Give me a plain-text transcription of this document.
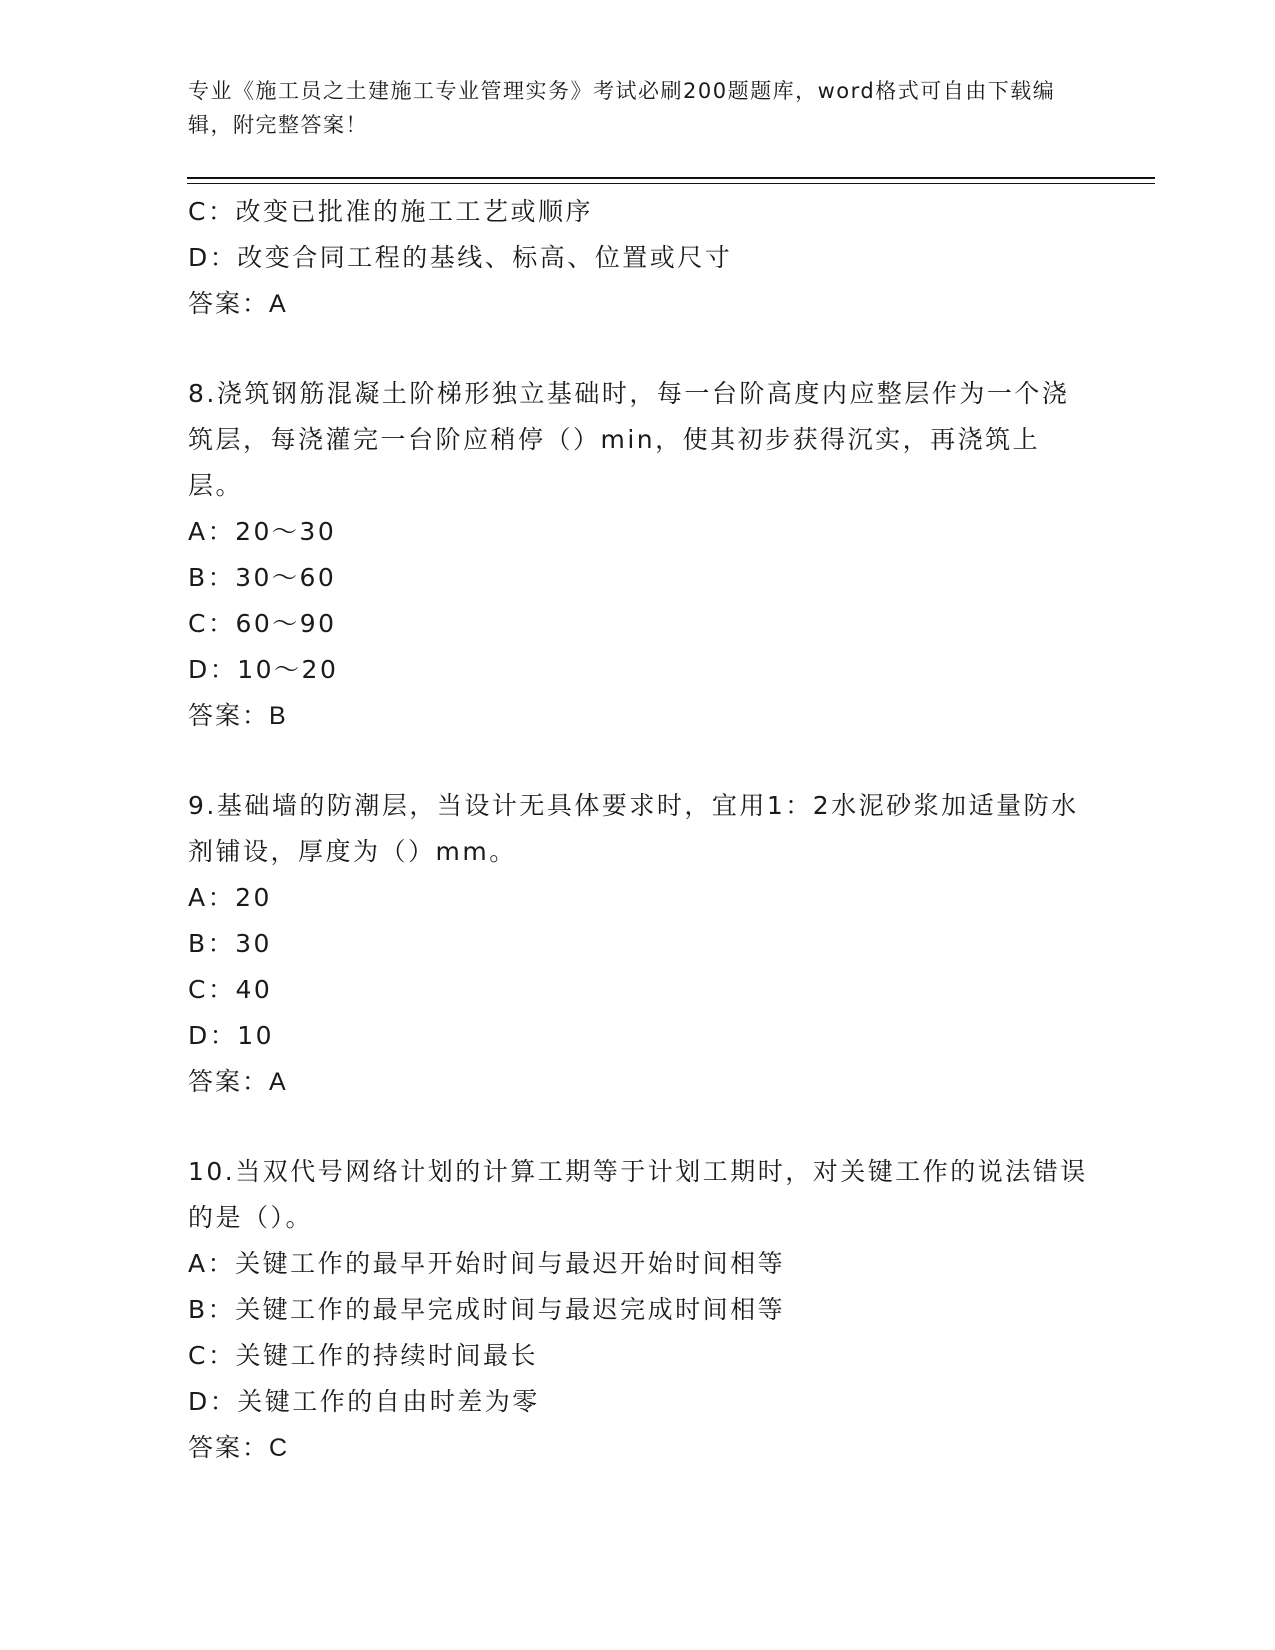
专业《施工员之土建施工专业管理实务》考试必刷200题题库，word格式可自由下载编辑，附完整答案！
C：改变已批准的施工工艺或顺序
D：改变合同工程的基线、标高、位置或尺寸
答案：A
8.浇筑钢筋混凝土阶梯形独立基础时，每一台阶高度内应整层作为一个浇筑层，每浇灌完一台阶应稍停（）min，使其初步获得沉实，再浇筑上层。
A：20～30
B：30～60
C：60～90
D：10～20
答案：B
9.基础墙的防潮层，当设计无具体要求时，宜用1：2水泥砂浆加适量防水剂铺设，厚度为（）mm。
A：20
B：30
C：40
D：10
答案：A
10.当双代号网络计划的计算工期等于计划工期时，对关键工作的说法错误的是（）。
A：关键工作的最早开始时间与最迟开始时间相等
B：关键工作的最早完成时间与最迟完成时间相等
C：关键工作的持续时间最长
D：关键工作的自由时差为零
答案：C
